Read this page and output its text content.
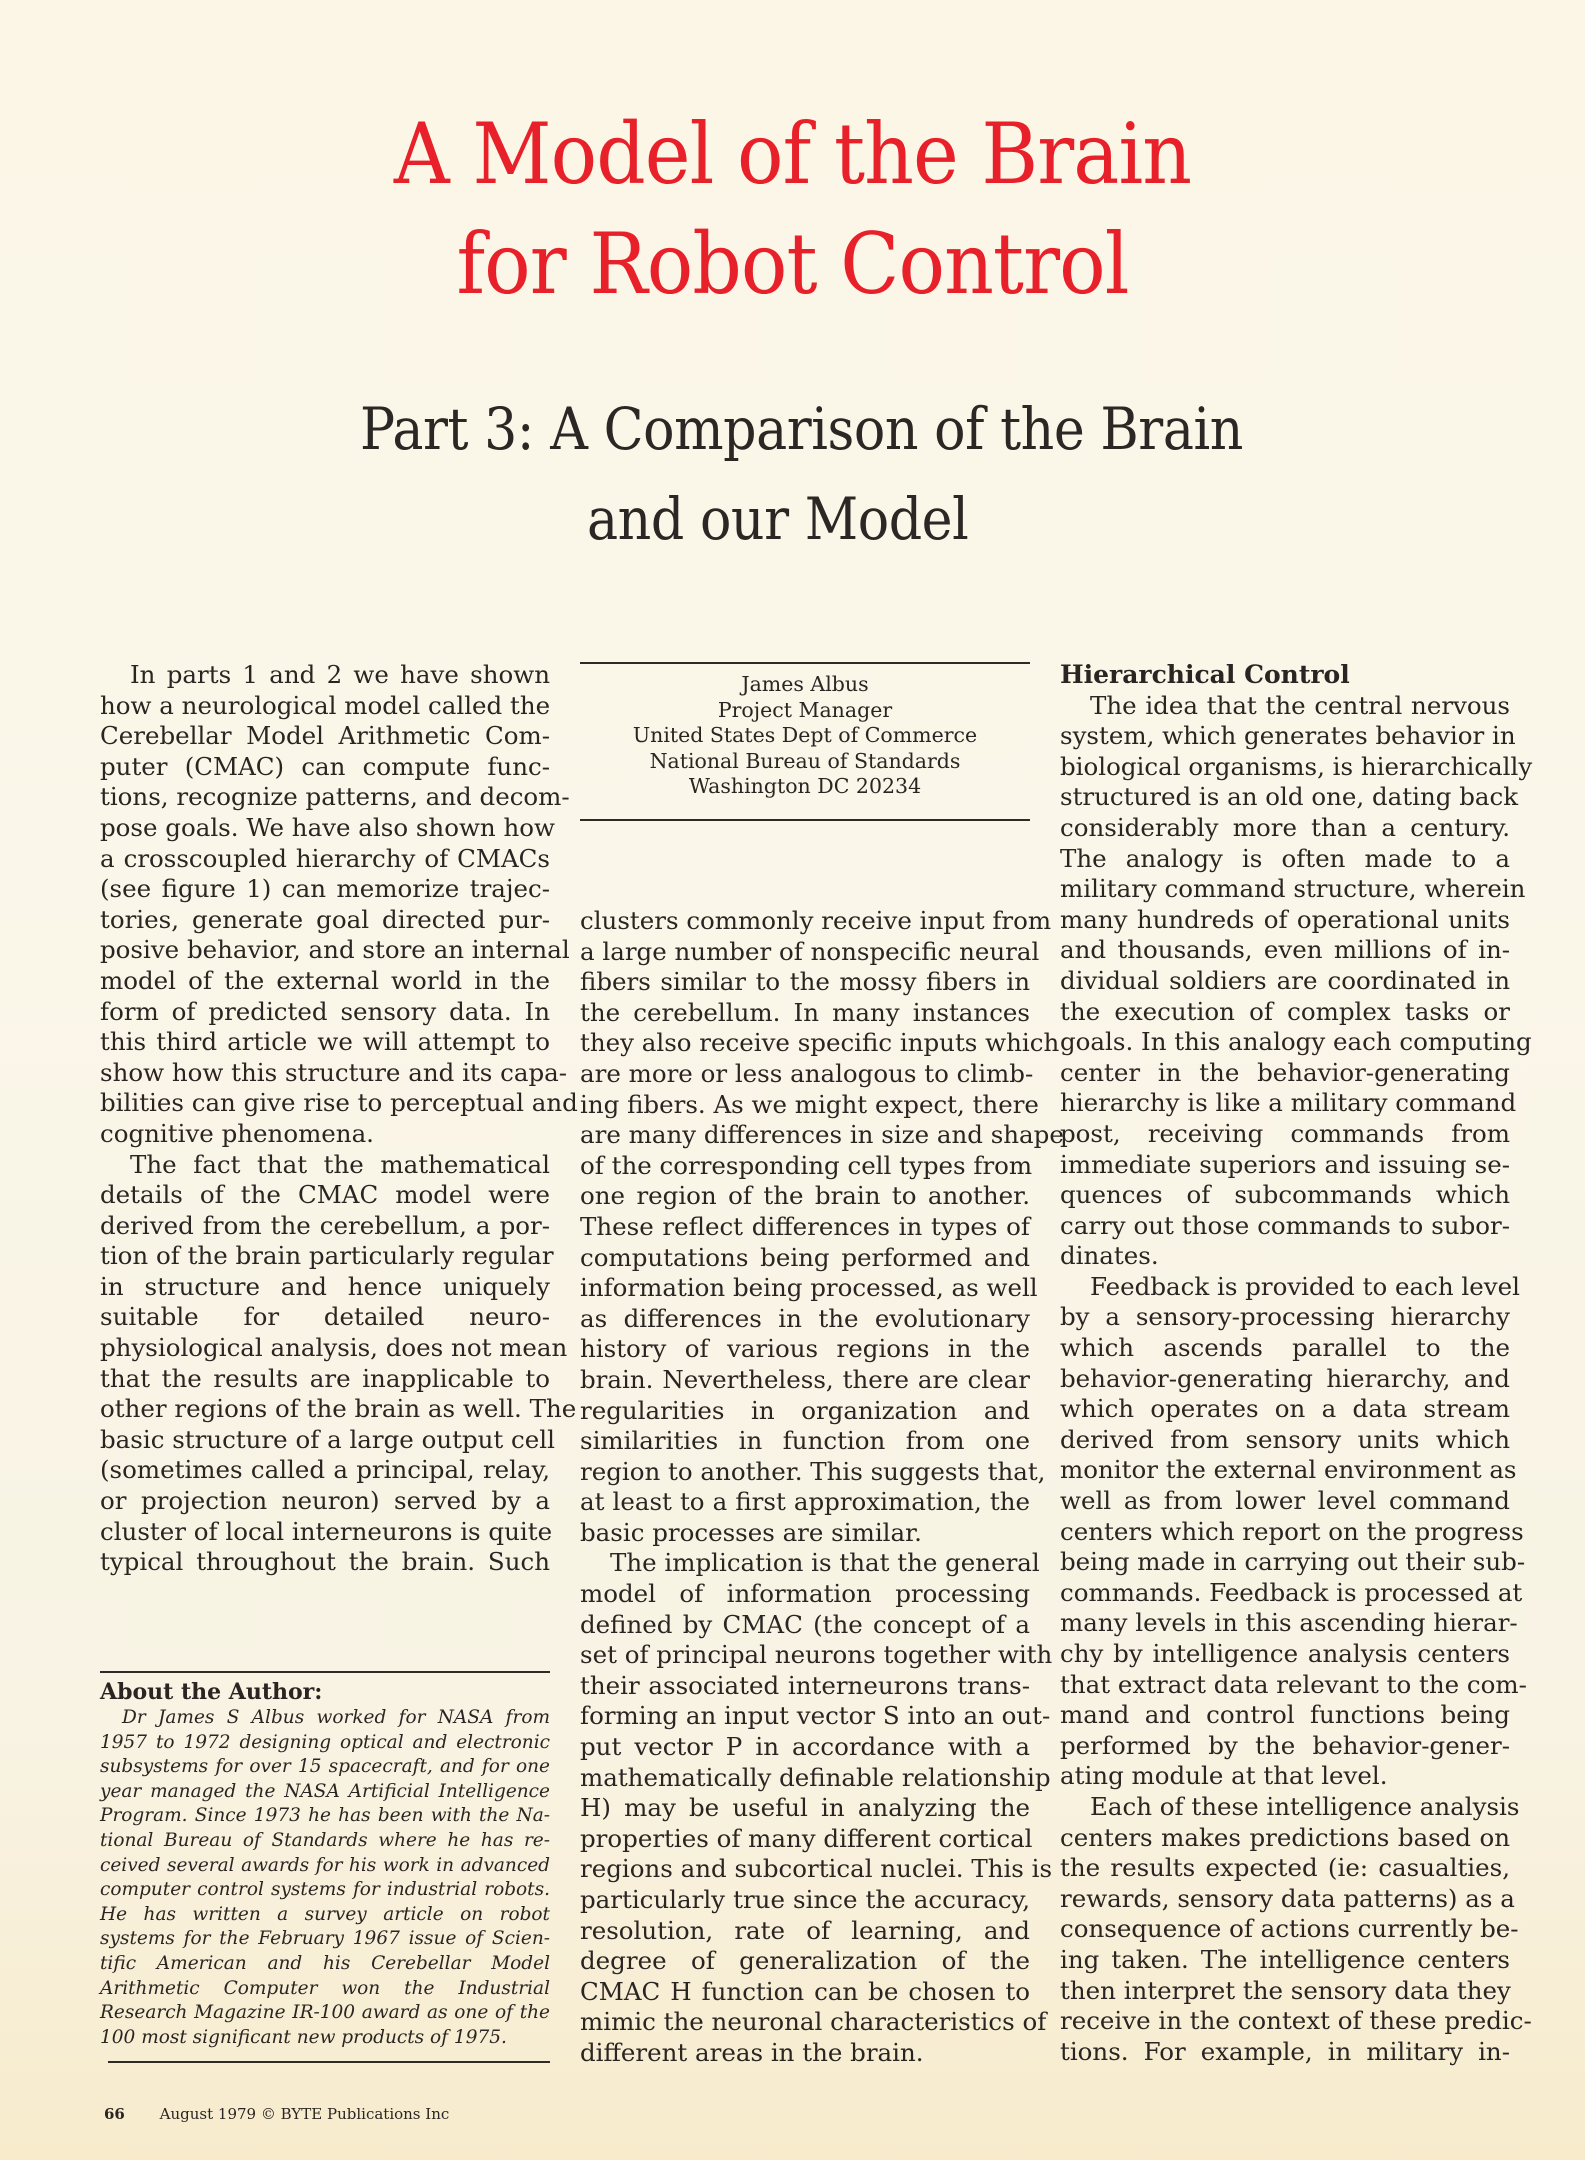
A Model of the Brain
for Robot Control
Part 3: A Comparison of the Brain
and our Model
In parts 1 and 2 we have shown
how a neurological model called the
Cerebellar Model Arithmetic Com-
puter (CMAC) can compute func-
tions, recognize patterns, and decom-
pose goals. We have also shown how
a crosscoupled hierarchy of CMACs
(see figure 1) can memorize trajec-
tories, generate goal directed pur-
posive behavior, and store an internal
model of the external world in the
form of predicted sensory data. In
this third article we will attempt to
show how this structure and its capa-
bilities can give rise to perceptual and
cognitive phenomena.
The fact that the mathematical
details of the CMAC model were
derived from the cerebellum, a por-
tion of the brain particularly regular
in structure and hence uniquely
suitable for detailed neuro-
physiological analysis, does not mean
that the results are inapplicable to
other regions of the brain as well. The
basic structure of a large output cell
(sometimes called a principal, relay,
or projection neuron) served by a
cluster of local interneurons is quite
typical throughout the brain. Such
About the Author:
Dr James S Albus worked for NASA from
1957 to 1972 designing optical and electronic
subsystems for over 15 spacecraft, and for one
year managed the NASA Artificial Intelligence
Program. Since 1973 he has been with the Na-
tional Bureau of Standards where he has re-
ceived several awards for his work in advanced
computer control systems for industrial robots.
He has written a survey article on robot
systems for the February 1967 issue of Scien-
tific American and his Cerebellar Model
Arithmetic Computer won the Industrial
Research Magazine IR-100 award as one of the
100 most significant new products of 1975.
James Albus
Project Manager
United States Dept of Commerce
National Bureau of Standards
Washington DC 20234
clusters commonly receive input from
a large number of nonspecific neural
fibers similar to the mossy fibers in
the cerebellum. In many instances
they also receive specific inputs which
are more or less analogous to climb-
ing fibers. As we might expect, there
are many differences in size and shape
of the corresponding cell types from
one region of the brain to another.
These reflect differences in types of
computations being performed and
information being processed, as well
as differences in the evolutionary
history of various regions in the
brain. Nevertheless, there are clear
regularities in organization and
similarities in function from one
region to another. This suggests that,
at least to a first approximation, the
basic processes are similar.
The implication is that the general
model of information processing
defined by CMAC (the concept of a
set of principal neurons together with
their associated interneurons trans-
forming an input vector S into an out-
put vector P in accordance with a
mathematically definable relationship
H) may be useful in analyzing the
properties of many different cortical
regions and subcortical nuclei. This is
particularly true since the accuracy,
resolution, rate of learning, and
degree of generalization of the
CMAC H function can be chosen to
mimic the neuronal characteristics of
different areas in the brain.
Hierarchical Control
The idea that the central nervous
system, which generates behavior in
biological organisms, is hierarchically
structured is an old one, dating back
considerably more than a century.
The analogy is often made to a
military command structure, wherein
many hundreds of operational units
and thousands, even millions of in-
dividual soldiers are coordinated in
the execution of complex tasks or
goals. In this analogy each computing
center in the behavior-generating
hierarchy is like a military command
post, receiving commands from
immediate superiors and issuing se-
quences of subcommands which
carry out those commands to subor-
dinates.
Feedback is provided to each level
by a sensory-processing hierarchy
which ascends parallel to the
behavior-generating hierarchy, and
which operates on a data stream
derived from sensory units which
monitor the external environment as
well as from lower level command
centers which report on the progress
being made in carrying out their sub-
commands. Feedback is processed at
many levels in this ascending hierar-
chy by intelligence analysis centers
that extract data relevant to the com-
mand and control functions being
performed by the behavior-gener-
ating module at that level.
Each of these intelligence analysis
centers makes predictions based on
the results expected (ie: casualties,
rewards, sensory data patterns) as a
consequence of actions currently be-
ing taken. The intelligence centers
then interpret the sensory data they
receive in the context of these predic-
tions. For example, in military in-
66 August 1979 © BYTE Publications Inc
